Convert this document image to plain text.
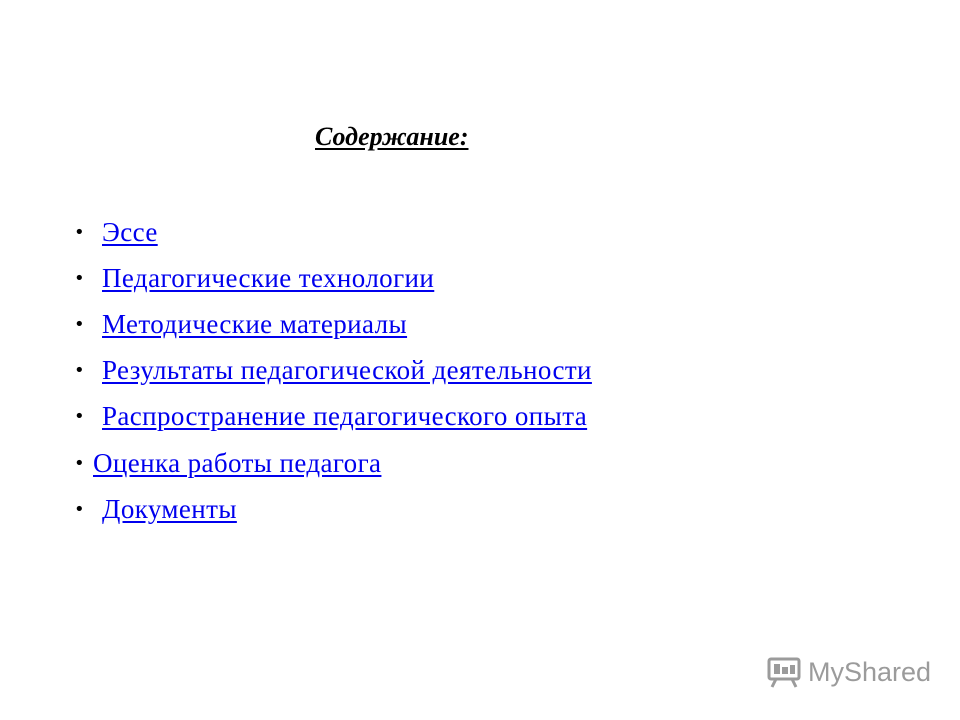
Содержание:
• Эссе
• Педагогические технологии
• Методические материалы
• Результаты педагогической деятельности
• Распространение педагогического опыта
• Оценка работы педагога
• Документы
MyShared
